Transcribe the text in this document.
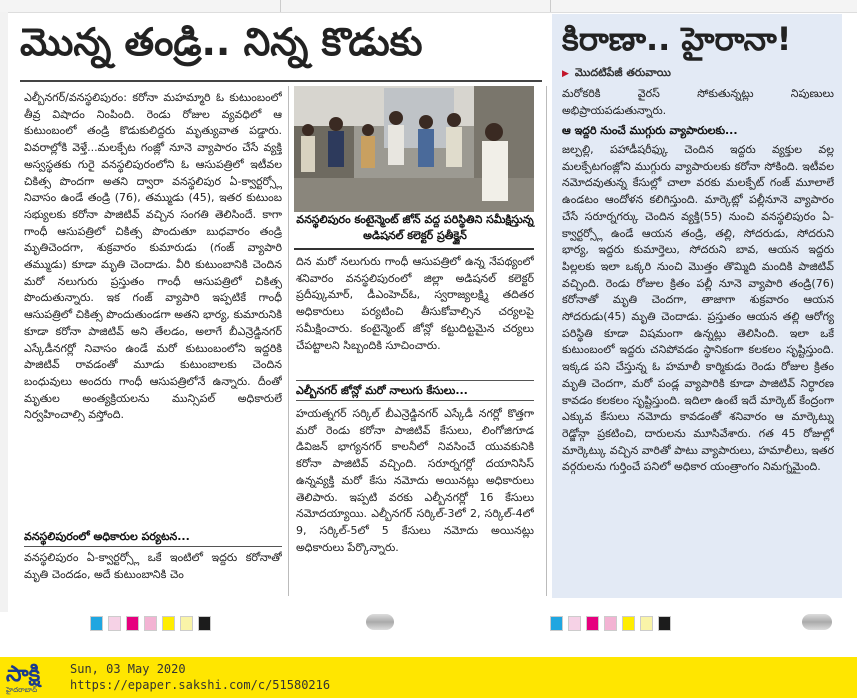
మొన్న తండ్రి.. నిన్న కొడుకు	కిరాణా.. హైరానా!
▶ మొదటిపేజీ తరువాయి

ఎల్బీనగర్/వనస్థలిపురం: కరోనా మహమ్మారి ఓ కుటుంబంలో తీవ్ర విషాదం నింపింది. రెండు రోజుల వ్యవధిలో ఆ కుటుంబంలో తండ్రి కొడుకులిద్దరు మృత్యువాత పడ్డారు. వివరాల్లోకి వెళ్తే...మలక్పేట గంజ్లో నూనె వ్యాపారం చేసే వ్యక్తి అస్వస్థతకు గురై వనస్థలిపురంలోని ఓ ఆసుపత్రిలో ఇటీవల చికిత్స పొందగా అతని ద్వారా వనస్థలిపుర ఏ-క్వార్టర్స్లో నివాసం ఉండే తండ్రి (76), తమ్ముడు (45), ఇతర కుటుంబ సభ్యులకు కరోనా పాజిటివ్ వచ్చిన సంగతి తెలిసిందే. కాగా గాంధీ ఆసుపత్రిలో చికిత్స పొందుతూ బుధవారం తండ్రి మృతిచెందగా, శుక్రవారం కుమారుడు (గంజ్ వ్యాపారి తమ్ముడు) కూడా మృతి చెందాడు. వీరి కుటుంబానికి చెందిన మరో నలుగురు ప్రస్తుతం గాంధీ ఆసుపత్రిలో చికిత్స పొందుతున్నారు. ఇక గంజ్ వ్యాపారి ఇప్పటికే గాంధీ ఆసుపత్రిలో చికిత్స పొందుతుండగా అతని భార్య, కుమారునికి కూడా కరోనా పాజిటివ్ అని తేలడం, అలాగే బీఎన్రెడ్డినగర్ ఎస్కేడీనగర్లో నివాసం ఉండే మరో కుటుంబంలోని ఇద్దరికి పాజిటివ్ రావడంతో మూడు కుటుంబాలకు చెందిన బంధువులు అందరు గాంధీ ఆసుపత్రిలోనే ఉన్నారు. దీంతో మృతుల అంత్యక్రియలను మున్సిపల్ అధికారులే నిర్వహించాల్సి వస్తోంది.

వనస్థలిపురంలో అధికారుల పర్యటన...

వనస్థలిపురం ఏ-క్వార్టర్స్లో ఒకే ఇంటిలో ఇద్దరు కరోనాతో మృతి చెందడం, అదే కుటుంబానికి చెం

వనస్థలిపురం కంటైన్మెంట్ జోన్ వద్ద పరిస్థితిని సమీక్షిస్తున్న అడిషనల్ కలెక్టర్ ప్రతీక్జైన్

దిన మరో నలుగురు గాంధీ ఆసుపత్రిలో ఉన్న నేపథ్యంలో శనివారం వనస్థలిపురంలో జిల్లా అడిషనల్ కలెక్టర్ ప్రదీప్కుమార్, డీఎంహెచ్ఓ, స్వరాజ్యలక్ష్మి తదితర అధికారులు పర్యటించి తీసుకోవాల్సిన చర్యలపై సమీక్షించారు. కంటైన్మెంట్ జోన్లో కట్టుదిట్టమైన చర్యలు చేపట్టాలని సిబ్బందికి సూచించారు.

ఎల్బీనగర్ జోన్లో మరో నాలుగు కేసులు...

హయత్నగర్ సర్కిల్ బీఎన్రెడ్డినగర్ ఎస్కేడీ నగర్లో కొత్తగా మరో రెండు కరోనా పాజిటివ్ కేసులు, లింగోజిగూడ డివిజన్ భాగ్యనగర్ కాలనీలో నివసించే యువకునికి కరోనా పాజిటివ్ వచ్చింది. సరూర్నగర్లో దయానిసిస్ ఉన్నవ్యక్తి మరో కేసు నమోదు అయినట్లు అధికారులు తెలిపారు. ఇప్పటి వరకు ఎల్బీనగర్లో 16 కేసులు నమోదయ్యాయి. ఎల్బీనగర్ సర్కిల్-3లో 2, సర్కిల్-4లో 9, సర్కిల్-5లో 5 కేసులు నమోదు అయినట్లు అధికారులు పేర్కొన్నారు.

మరోకరికి వైరస్ సోకుతున్నట్లు నిపుణులు అభిప్రాయపడుతున్నారు.

ఆ ఇద్దరి నుంచే ముగ్గురు వ్యాపారులకు...

జల్పల్లి, పహాడీషరీఫ్కు చెందిన ఇద్దరు వ్యక్తుల వల్ల మలక్పేటగంజ్లోని ముగ్గురు వ్యాపారులకు కరోనా సోకింది. ఇటీవల నమోదవుతున్న కేసుల్లో చాలా వరకు మలక్పేట్ గంజ్ మూలాలే ఉండటం ఆందోళన కలిగిస్తుంది. మార్కెట్లో పల్లీనూనె వ్యాపారం చేసే సరూర్నగర్కు చెందిన వ్యక్తి(55) నుంచి వనస్థలిపురం ఏ-క్వార్టర్స్లో ఉండే ఆయన తండ్రి, తల్లి, సోదరుడు, సోదరుని భార్య, ఇద్దరు కుమార్తెలు, సోదరుని బావ, ఆయన ఇద్దరు పిల్లలకు ఇలా ఒక్కరి నుంచి మొత్తం తొమ్మిది మందికి పాజిటివ్ వచ్చింది. రెండు రోజుల క్రితం పల్లీ నూనె వ్యాపారి తండ్రి(76) కరోనాతో మృతి చెందగా, తాజాగా శుక్రవారం ఆయన సోదరుడు(45) మృతి చెందాడు. ప్రస్తుతం ఆయన తల్లి ఆరోగ్య పరిస్థితి కూడా విషమంగా ఉన్నట్లు తెలిసింది. ఇలా ఒకే కుటుంబంలో ఇద్దరు చనిపోవడం స్థానికంగా కలకలం సృష్టిస్తుంది. ఇక్కడ పని చేస్తున్న ఓ హమాలీ కార్మికుడు రెండు రోజుల క్రితం మృతి చెందగా, మరో పండ్ల వ్యాపారికి కూడా పాజిటివ్ నిర్ధారణ కావడం కలకలం సృష్టిస్తుంది. ఇదిలా ఉంటే ఇదే మార్కెట్ కేంద్రంగా ఎక్కువ కేసులు నమోదు కావడంతో శనివారం ఆ మార్కెట్ను రెడ్జోన్గా ప్రకటించి, దారులను మూసివేశారు. గత 45 రోజుల్లో మార్కెట్కు వచ్చిన వారితో పాటు వ్యాపారులు, హమాలీలు, ఇతర వర్గరులను గుర్తించే పనిలో అధికార యంత్రాంగం నిమగ్నమైంది.

సాక్షి
హైదరాబాద్
Sun, 03 May 2020
https://epaper.sakshi.com/c/51580216
